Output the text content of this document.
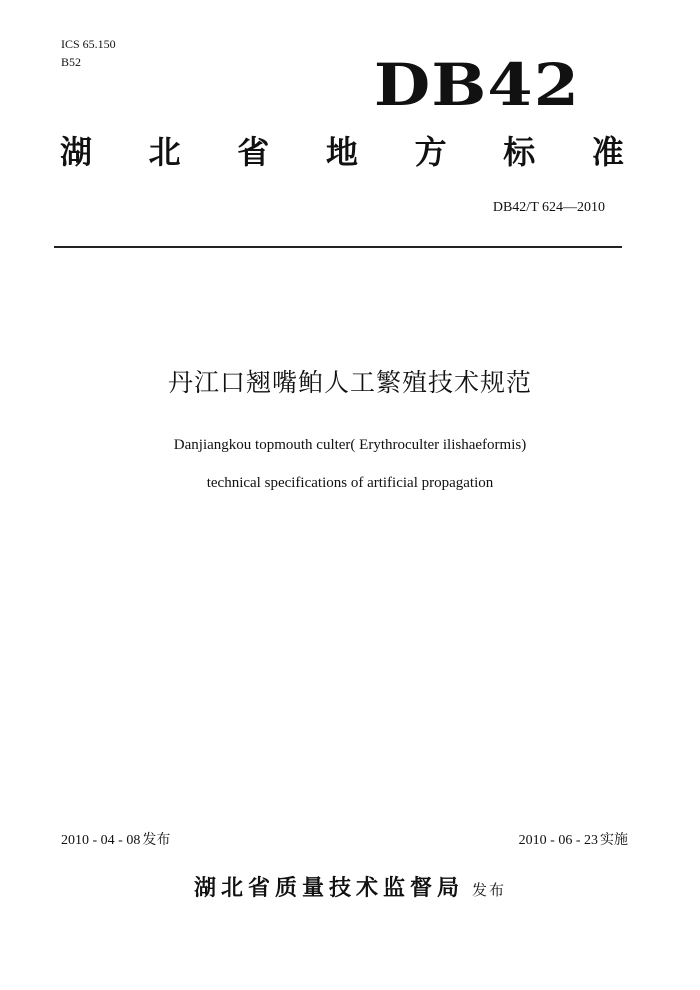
ICS 65.150
B52	DB42
湖 北 省 地 方 标 准
DB42/T 624—2010
丹江口翘嘴鲌人工繁殖技术规范
Danjiangkou topmouth culter( Erythroculter ilishaeformis)
technical specifications of artificial propagation
2010 - 04 - 08 发布	2010 - 06 - 23 实施
湖北省质量技术监督局 发布
